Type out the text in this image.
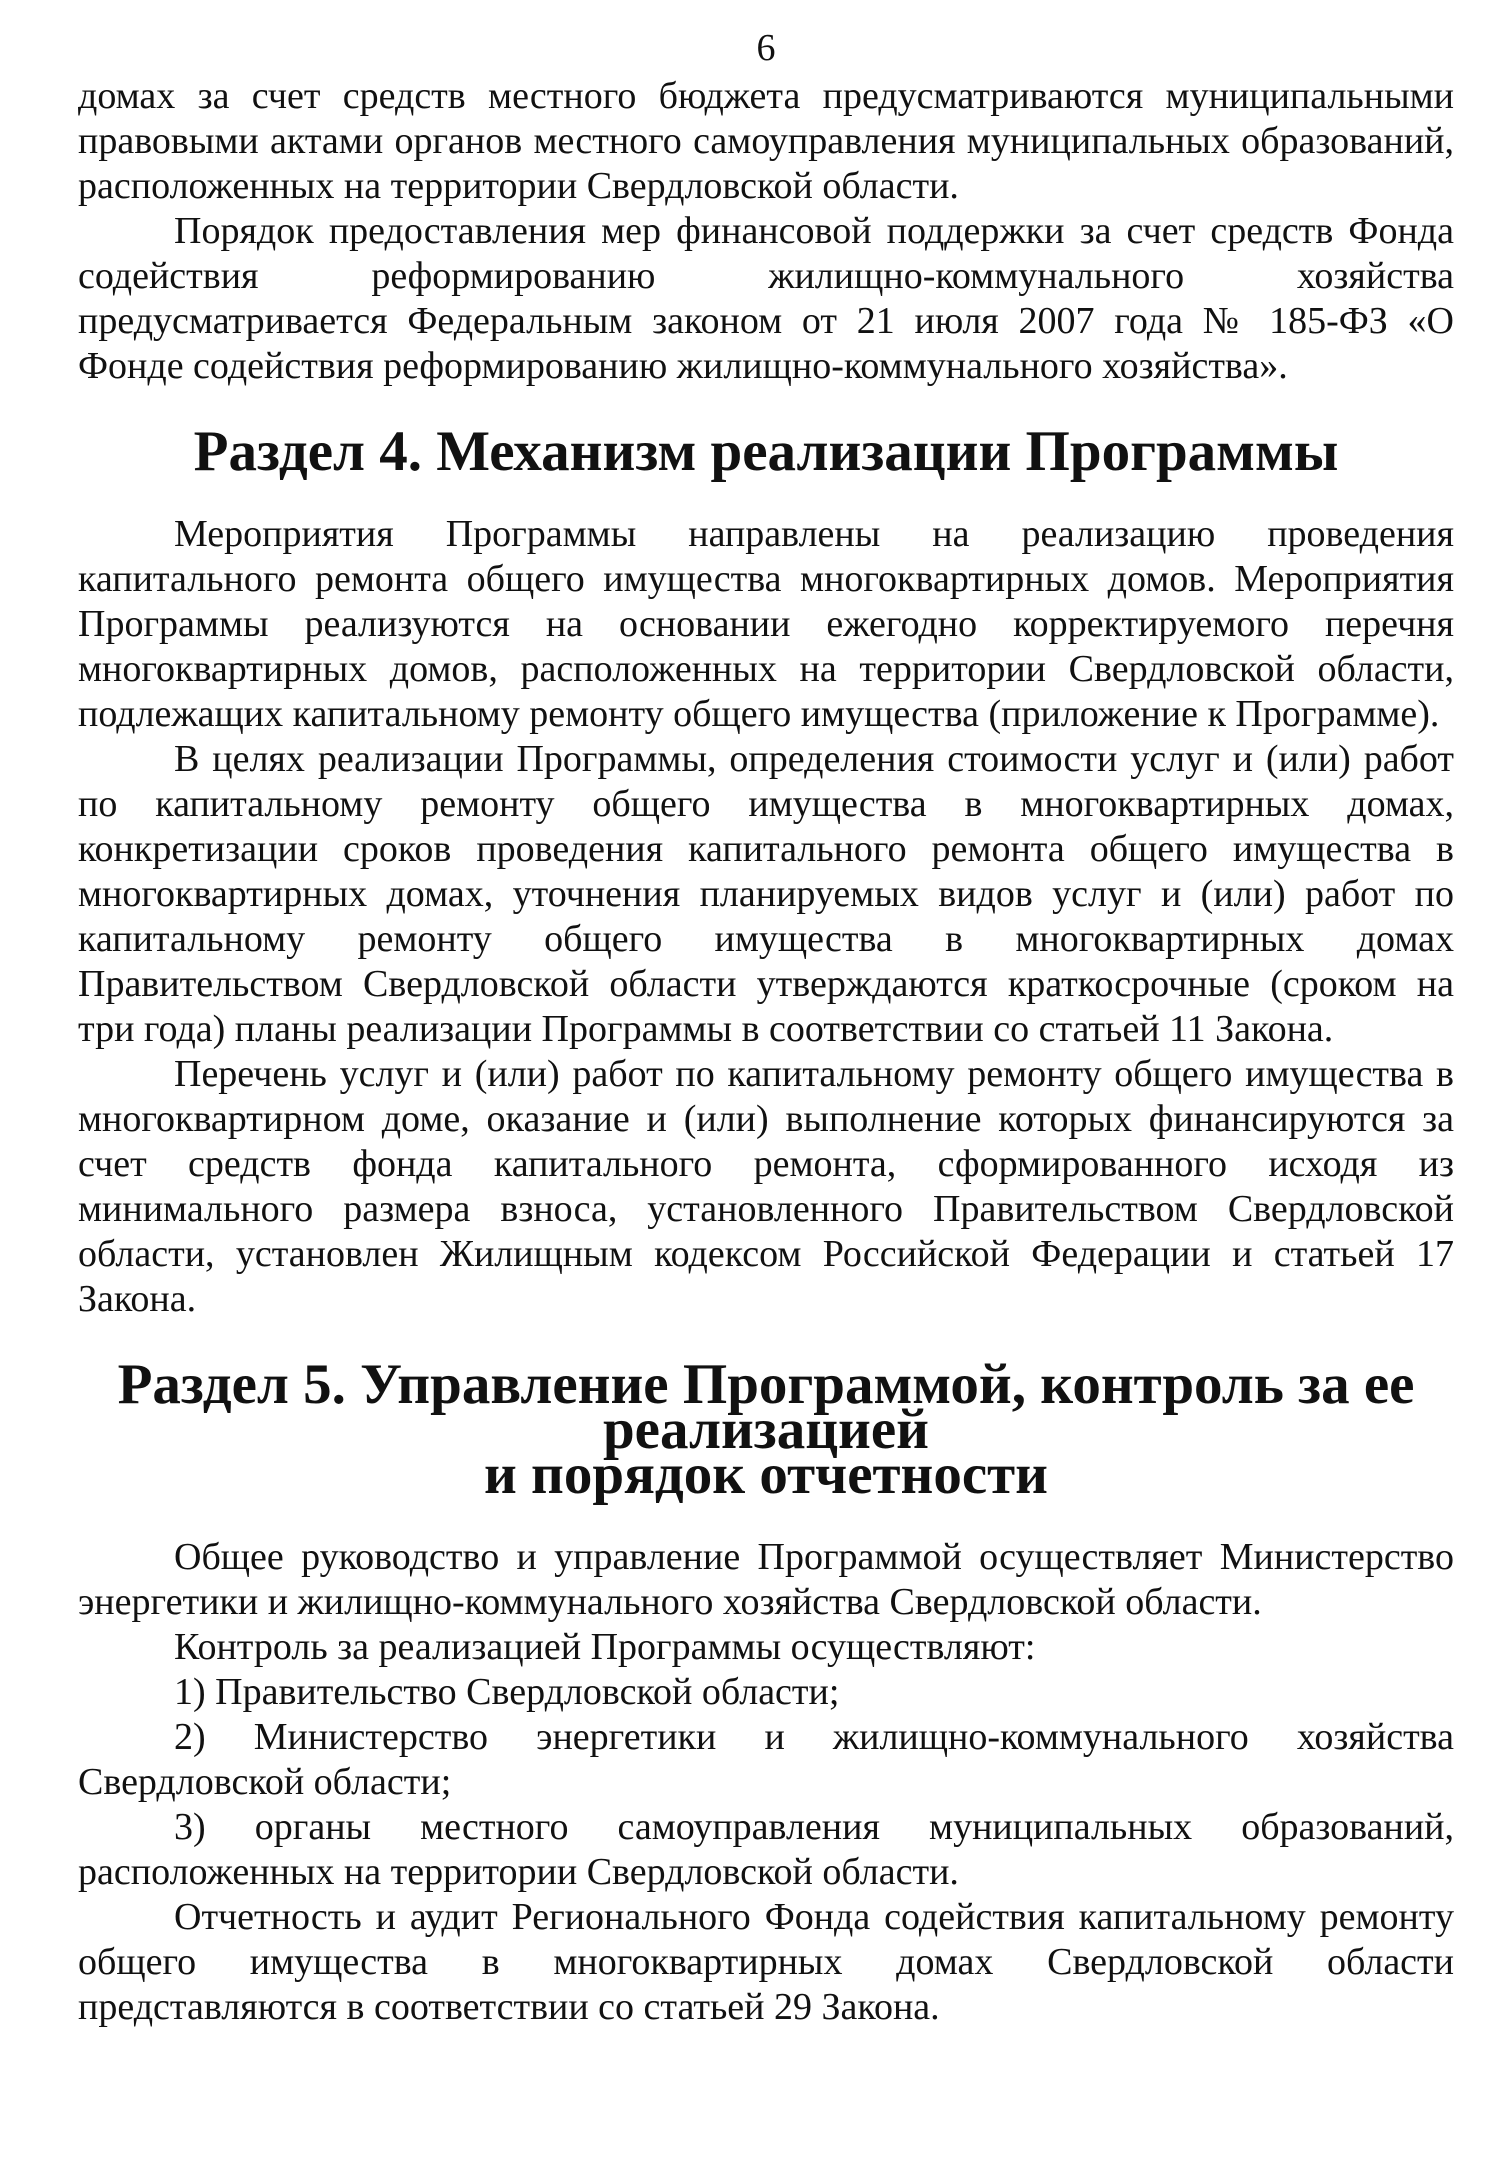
6

домах за счет средств местного бюджета предусматриваются муниципальными правовыми актами органов местного самоуправления муниципальных образований, расположенных на территории Свердловской области.

Порядок предоставления мер финансовой поддержки за счет средств Фонда содействия реформированию жилищно-коммунального хозяйства предусматривается Федеральным законом от 21 июля 2007 года № 185-ФЗ «О Фонде содействия реформированию жилищно-коммунального хозяйства».

Раздел 4. Механизм реализации Программы

Мероприятия Программы направлены на реализацию проведения капитального ремонта общего имущества многоквартирных домов. Мероприятия Программы реализуются на основании ежегодно корректируемого перечня многоквартирных домов, расположенных на территории Свердловской области, подлежащих капитальному ремонту общего имущества (приложение к Программе).

В целях реализации Программы, определения стоимости услуг и (или) работ по капитальному ремонту общего имущества в многоквартирных домах, конкретизации сроков проведения капитального ремонта общего имущества в многоквартирных домах, уточнения планируемых видов услуг и (или) работ по капитальному ремонту общего имущества в многоквартирных домах Правительством Свердловской области утверждаются краткосрочные (сроком на три года) планы реализации Программы в соответствии со статьей 11 Закона.

Перечень услуг и (или) работ по капитальному ремонту общего имущества в многоквартирном доме, оказание и (или) выполнение которых финансируются за счет средств фонда капитального ремонта, сформированного исходя из минимального размера взноса, установленного Правительством Свердловской области, установлен Жилищным кодексом Российской Федерации и статьей 17 Закона.

Раздел 5. Управление Программой, контроль за ее реализацией
и порядок отчетности

Общее руководство и управление Программой осуществляет Министерство энергетики и жилищно-коммунального хозяйства Свердловской области.

Контроль за реализацией Программы осуществляют:

1) Правительство Свердловской области;

2) Министерство энергетики и жилищно-коммунального хозяйства Свердловской области;

3) органы местного самоуправления муниципальных образований, расположенных на территории Свердловской области.

Отчетность и аудит Регионального Фонда содействия капитальному ремонту общего имущества в многоквартирных домах Свердловской области представляются в соответствии со статьей 29 Закона.
